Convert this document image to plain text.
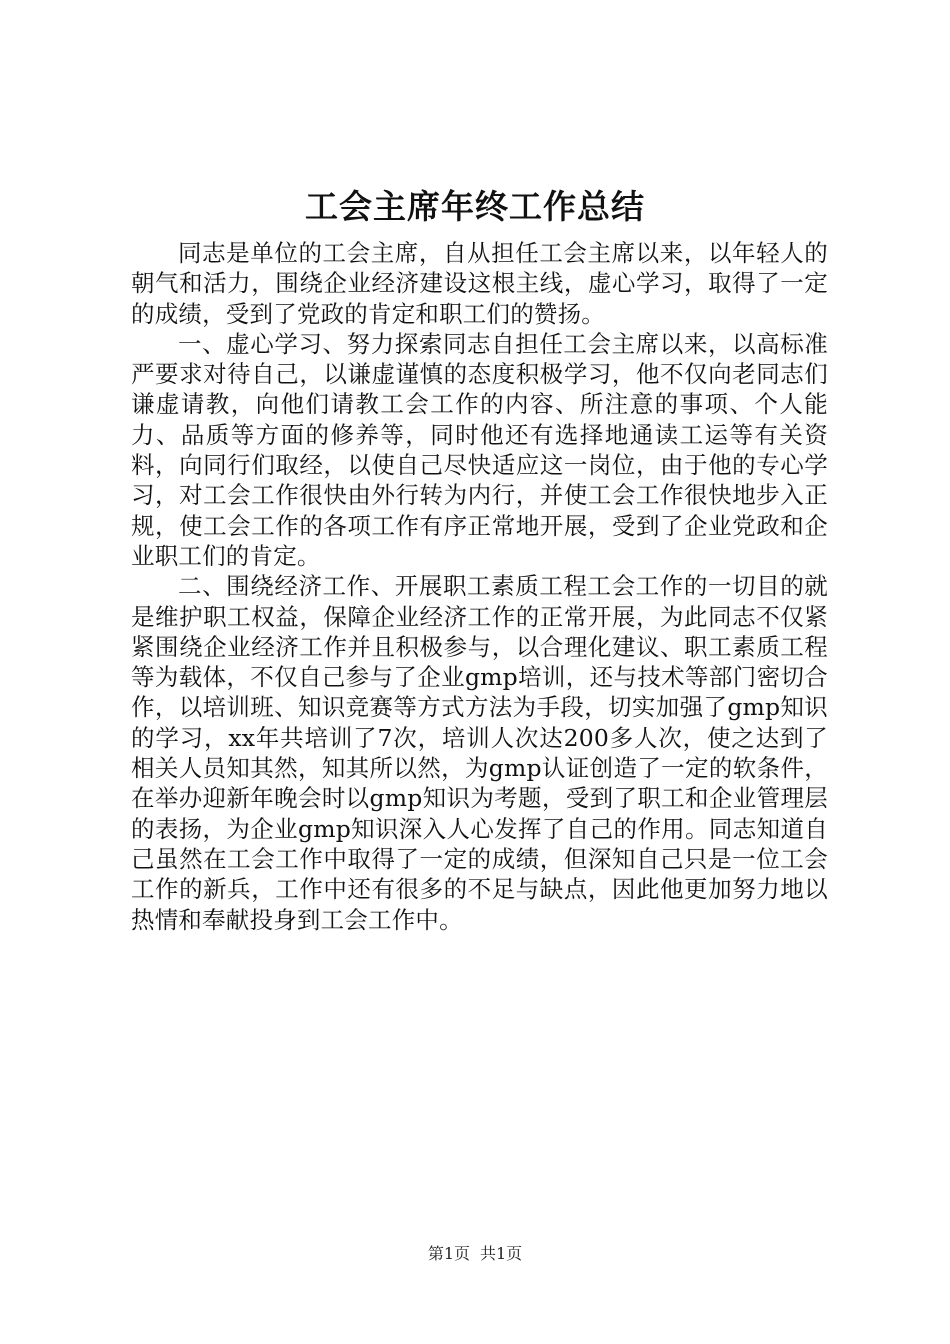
工会主席年终工作总结

同志是单位的工会主席，自从担任工会主席以来，以年轻人的朝气和活力，围绕企业经济建设这根主线，虚心学习，取得了一定的成绩，受到了党政的肯定和职工们的赞扬。

一、虚心学习、努力探索同志自担任工会主席以来，以高标准严要求对待自己，以谦虚谨慎的态度积极学习，他不仅向老同志们谦虚请教，向他们请教工会工作的内容、所注意的事项、个人能力、品质等方面的修养等，同时他还有选择地通读工运等有关资料，向同行们取经，以使自己尽快适应这一岗位，由于他的专心学习，对工会工作很快由外行转为内行，并使工会工作很快地步入正规，使工会工作的各项工作有序正常地开展，受到了企业党政和企业职工们的肯定。

二、围绕经济工作、开展职工素质工程工会工作的一切目的就是维护职工权益，保障企业经济工作的正常开展，为此同志不仅紧紧围绕企业经济工作并且积极参与，以合理化建议、职工素质工程等为载体，不仅自己参与了企业gmp培训，还与技术等部门密切合作，以培训班、知识竞赛等方式方法为手段，切实加强了gmp知识的学习，xx年共培训了7次，培训人次达200多人次，使之达到了相关人员知其然，知其所以然，为gmp认证创造了一定的软条件，在举办迎新年晚会时以gmp知识为考题，受到了职工和企业管理层的表扬，为企业gmp知识深入人心发挥了自己的作用。同志知道自己虽然在工会工作中取得了一定的成绩，但深知自己只是一位工会工作的新兵，工作中还有很多的不足与缺点，因此他更加努力地以热情和奉献投身到工会工作中。

第1页 共1页
